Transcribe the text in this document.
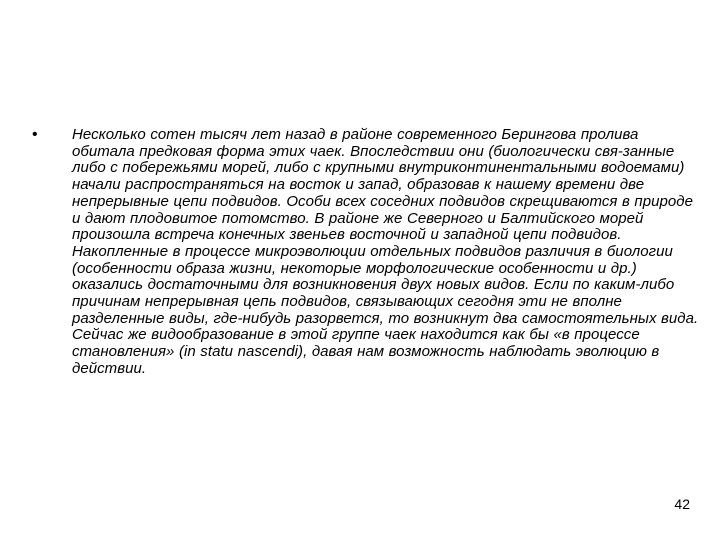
• Несколько сотен тысяч лет назад в районе современного Берингова пролива обитала предковая форма этих чаек. Впоследствии они (биологически свя-занные либо с побережьями морей, либо с крупными внутриконтинентальными водоемами) начали распространяться на восток и запад, образовав к нашему времени две непрерывные цепи подвидов. Особи всех соседних подвидов скрещиваются в природе и дают плодовитое потомство. В районе же Северного и Балтийского морей произошла встреча конечных звеньев восточной и западной цепи подвидов. Накопленные в процессе микроэволюции отдельных подвидов различия в биологии (особенности образа жизни, некоторые морфологические особенности и др.) оказались достаточными для возникновения двух новых видов. Если по каким-либо причинам непрерывная цепь подвидов, связывающих сегодня эти не вполне разделенные виды, где-нибудь разорвется, то возникнут два самостоятельных вида. Сейчас же видообразование в этой группе чаек находится как бы «в процессе становления» (in statu nascendi), давая нам возможность наблюдать эволюцию в действии.

42
